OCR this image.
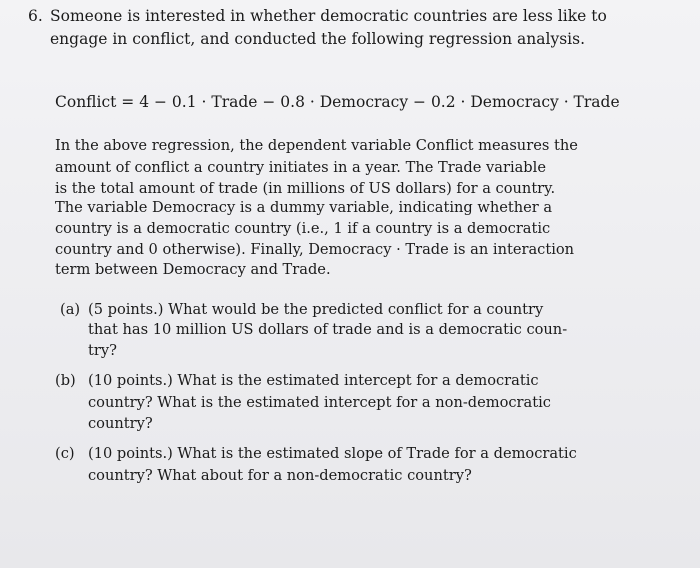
6. Someone is interested in whether democratic countries are less like to
engage in conflict, and conducted the following regression analysis.
Conflict = 4 − 0.1 · Trade − 0.8 · Democracy − 0.2 · Democracy · Trade
In the above regression, the dependent variable Conflict measures the
amount of conflict a country initiates in a year. The Trade variable
is the total amount of trade (in millions of US dollars) for a country.
The variable Democracy is a dummy variable, indicating whether a
country is a democratic country (i.e., 1 if a country is a democratic
country and 0 otherwise). Finally, Democracy · Trade is an interaction
term between Democracy and Trade.
(a) (5 points.) What would be the predicted conflict for a country
that has 10 million US dollars of trade and is a democratic coun-
try?
(b) (10 points.) What is the estimated intercept for a democratic
country? What is the estimated intercept for a non-democratic
country?
(c) (10 points.) What is the estimated slope of Trade for a democratic
country? What about for a non-democratic country?
